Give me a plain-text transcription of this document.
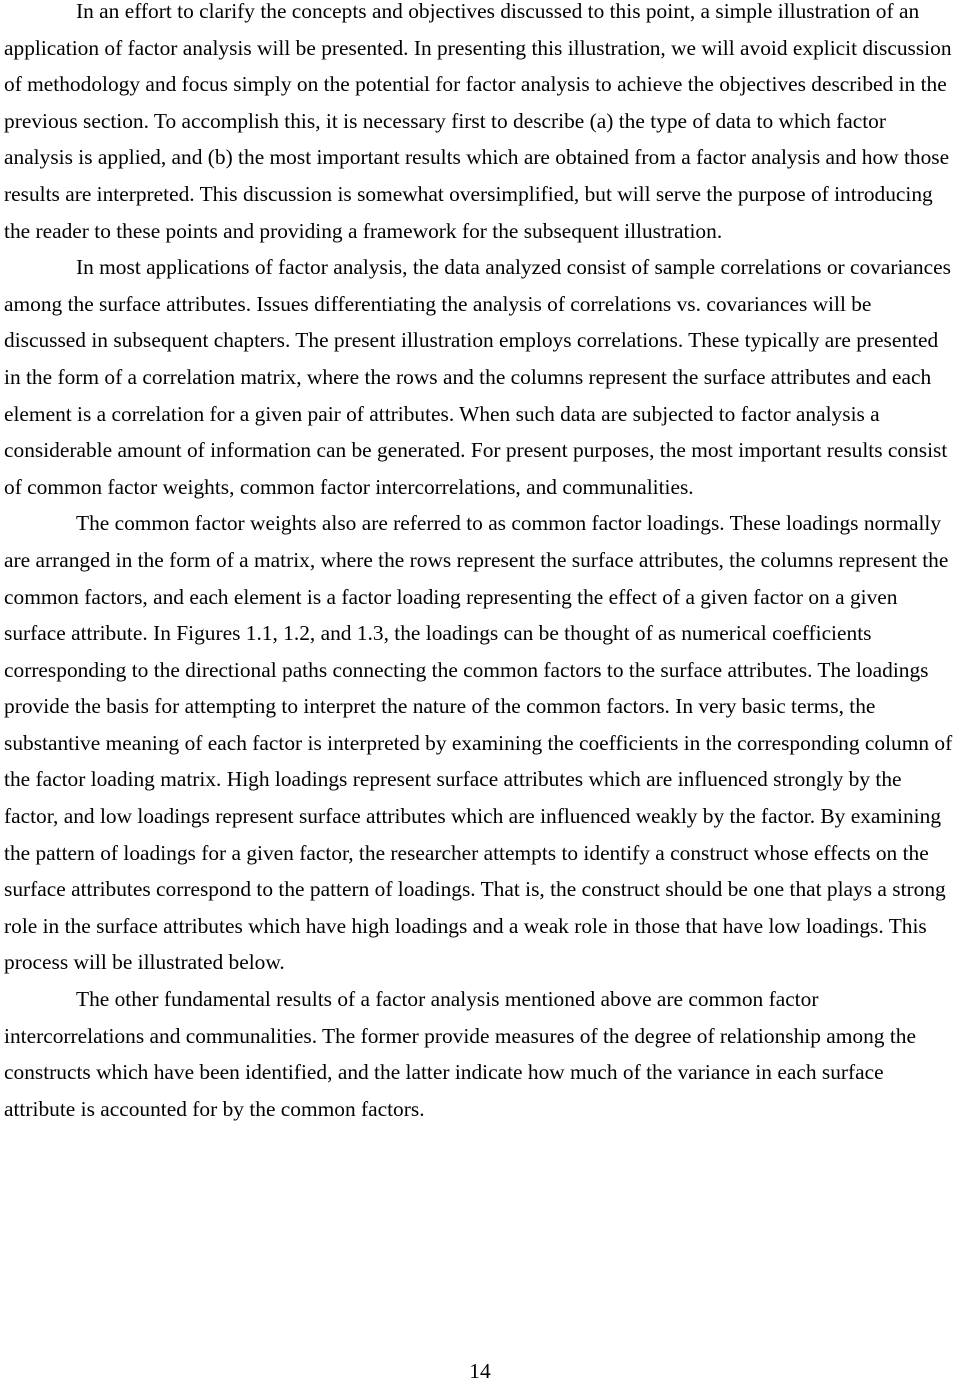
In an effort to clarify the concepts and objectives discussed to this point, a simple illustration of an application of factor analysis will be presented. In presenting this illustration, we will avoid explicit discussion of methodology and focus simply on the potential for factor analysis to achieve the objectives described in the previous section. To accomplish this, it is necessary first to describe (a) the type of data to which factor analysis is applied, and (b) the most important results which are obtained from a factor analysis and how those results are interpreted. This discussion is somewhat oversimplified, but will serve the purpose of introducing the reader to these points and providing a framework for the subsequent illustration.

In most applications of factor analysis, the data analyzed consist of sample correlations or covariances among the surface attributes. Issues differentiating the analysis of correlations vs. covariances will be discussed in subsequent chapters. The present illustration employs correlations. These typically are presented in the form of a correlation matrix, where the rows and the columns represent the surface attributes and each element is a correlation for a given pair of attributes. When such data are subjected to factor analysis a considerable amount of information can be generated. For present purposes, the most important results consist of common factor weights, common factor intercorrelations, and communalities.

The common factor weights also are referred to as common factor loadings. These loadings normally are arranged in the form of a matrix, where the rows represent the surface attributes, the columns represent the common factors, and each element is a factor loading representing the effect of a given factor on a given surface attribute. In Figures 1.1, 1.2, and 1.3, the loadings can be thought of as numerical coefficients corresponding to the directional paths connecting the common factors to the surface attributes. The loadings provide the basis for attempting to interpret the nature of the common factors. In very basic terms, the substantive meaning of each factor is interpreted by examining the coefficients in the corresponding column of the factor loading matrix. High loadings represent surface attributes which are influenced strongly by the factor, and low loadings represent surface attributes which are influenced weakly by the factor. By examining the pattern of loadings for a given factor, the researcher attempts to identify a construct whose effects on the surface attributes correspond to the pattern of loadings. That is, the construct should be one that plays a strong role in the surface attributes which have high loadings and a weak role in those that have low loadings. This process will be illustrated below.

The other fundamental results of a factor analysis mentioned above are common factor intercorrelations and communalities. The former provide measures of the degree of relationship among the constructs which have been identified, and the latter indicate how much of the variance in each surface attribute is accounted for by the common factors.

14
